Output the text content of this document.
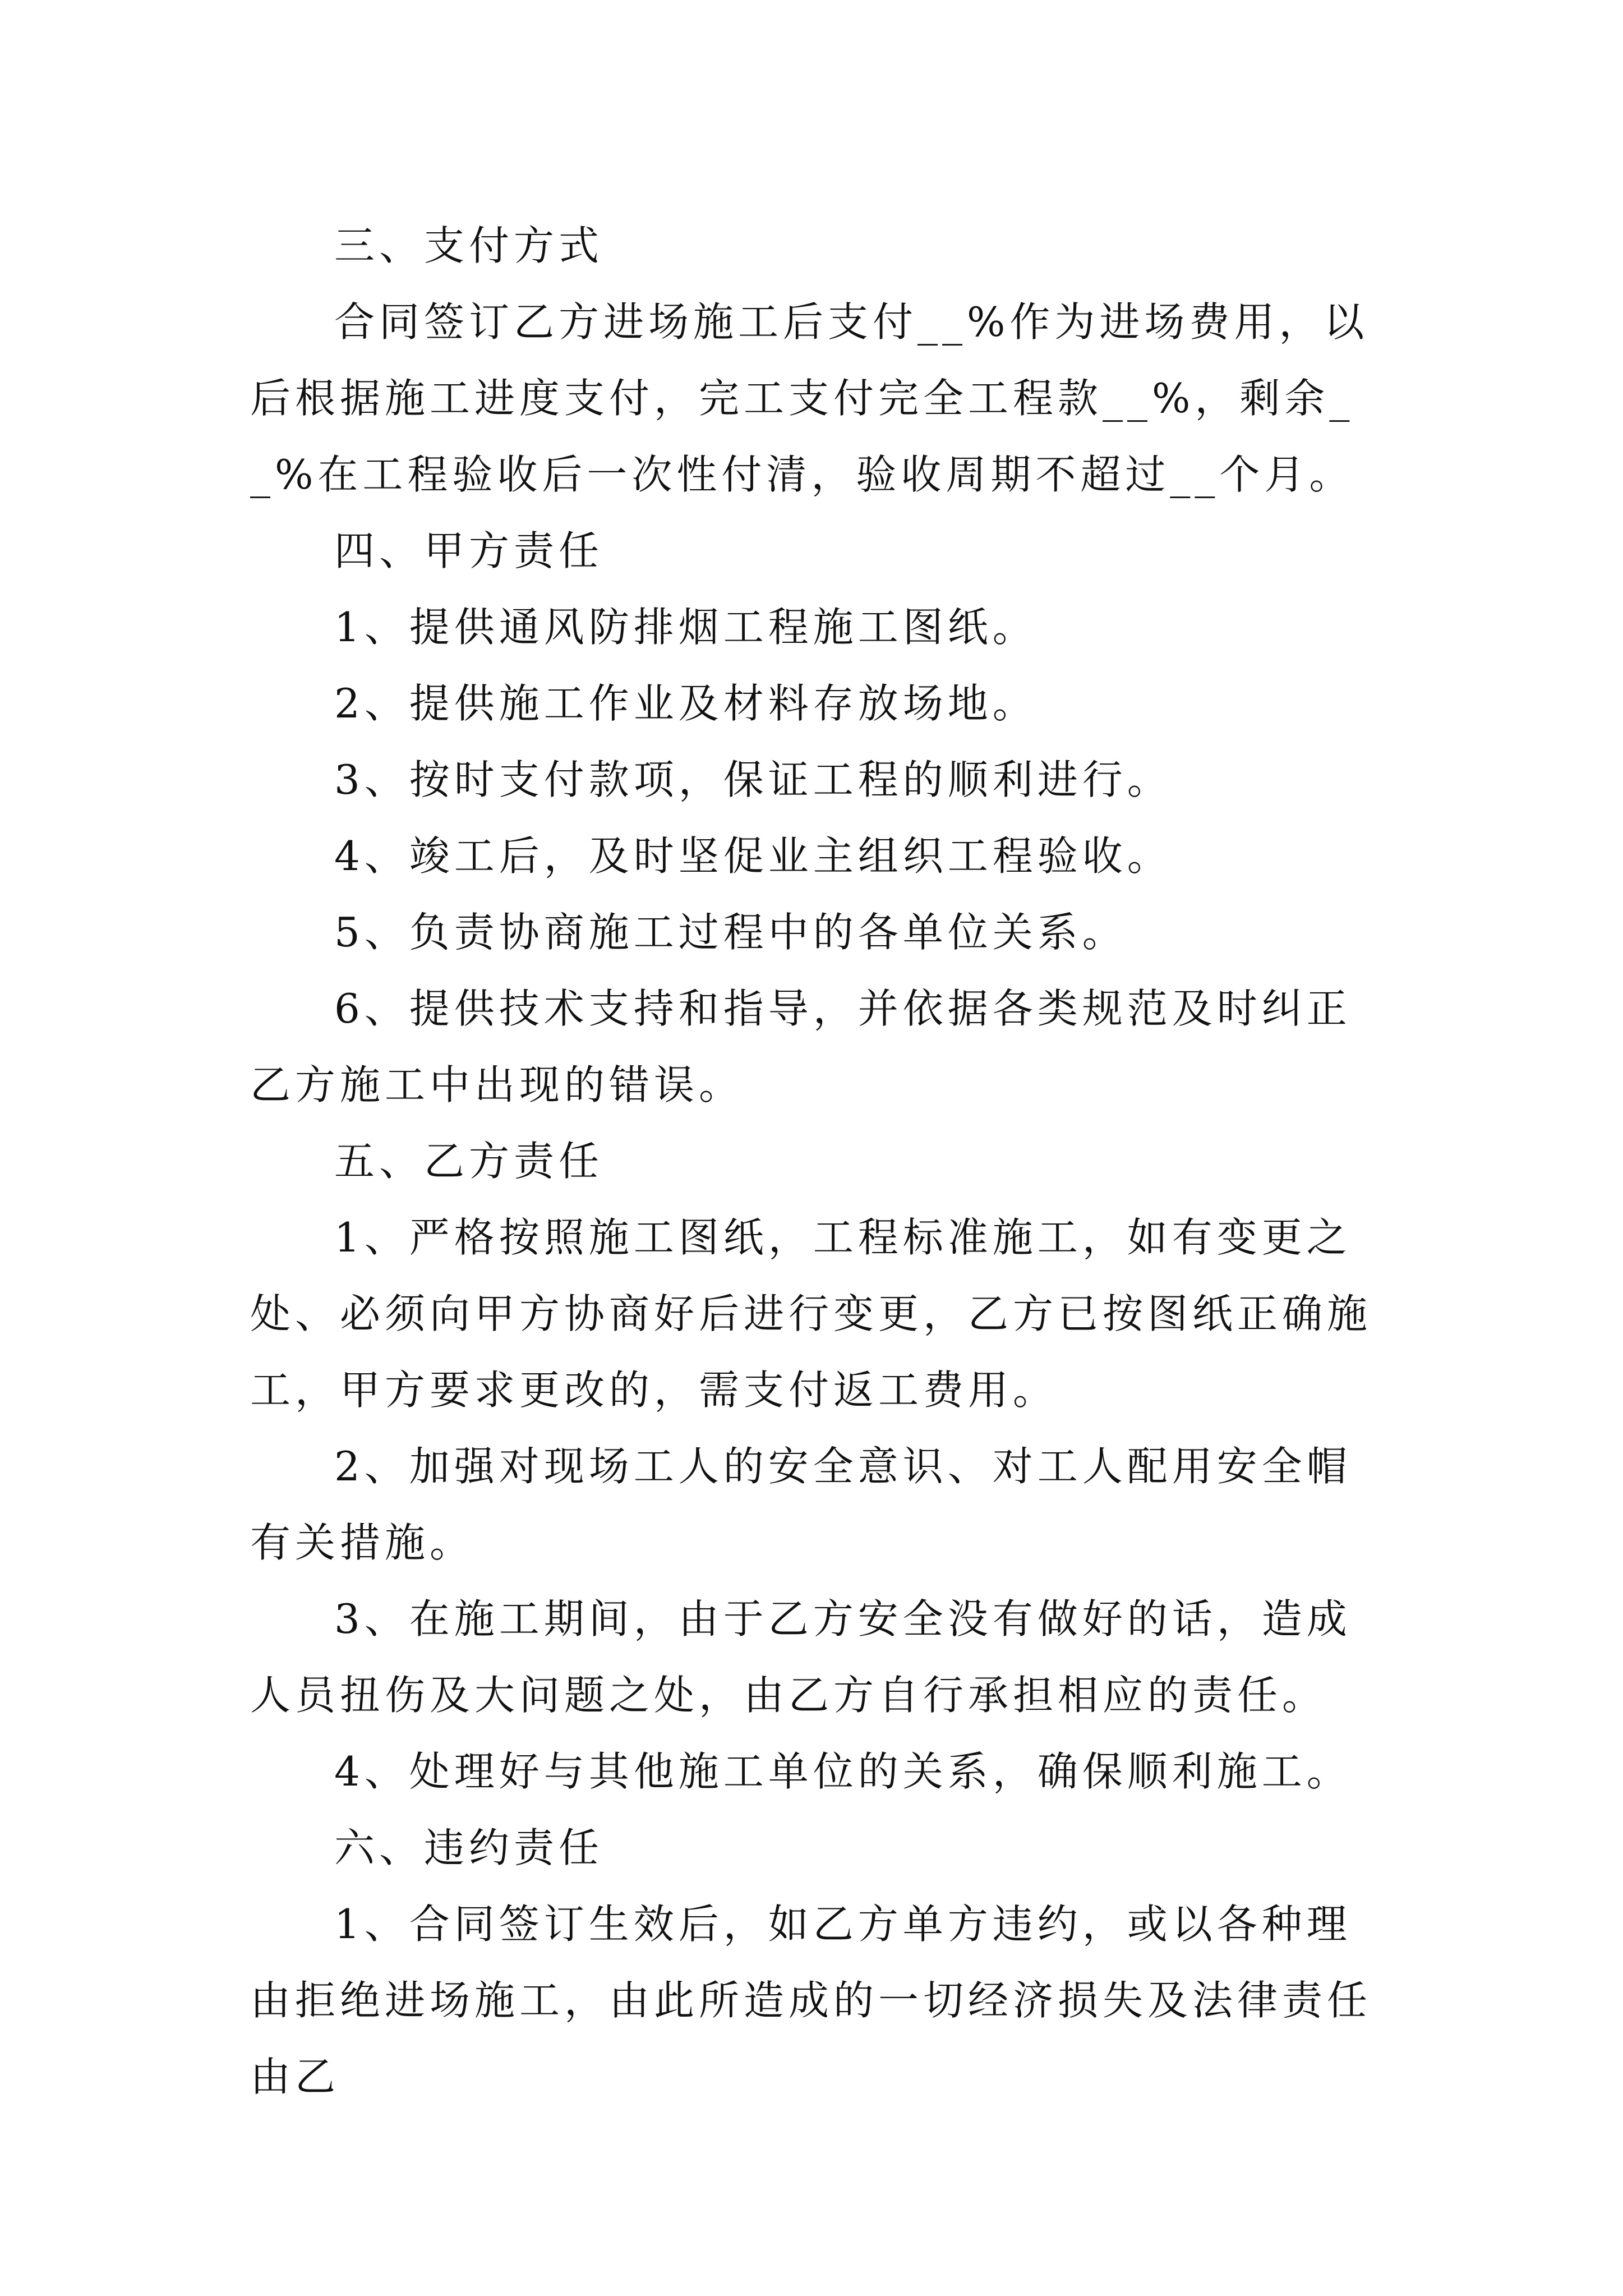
三、支付方式

合同签订乙方进场施工后支付__%作为进场费用，以后根据施工进度支付，完工支付完全工程款__%，剩余__%在工程验收后一次性付清，验收周期不超过__个月。

四、甲方责任

1、提供通风防排烟工程施工图纸。

2、提供施工作业及材料存放场地。

3、按时支付款项，保证工程的顺利进行。

4、竣工后，及时坚促业主组织工程验收。

5、负责协商施工过程中的各单位关系。

6、提供技术支持和指导，并依据各类规范及时纠正乙方施工中出现的错误。

五、乙方责任

1、严格按照施工图纸，工程标准施工，如有变更之处、必须向甲方协商好后进行变更，乙方已按图纸正确施工，甲方要求更改的，需支付返工费用。

2、加强对现场工人的安全意识、对工人配用安全帽有关措施。

3、在施工期间，由于乙方安全没有做好的话，造成人员扭伤及大问题之处，由乙方自行承担相应的责任。

4、处理好与其他施工单位的关系，确保顺利施工。

六、违约责任

1、合同签订生效后，如乙方单方违约，或以各种理由拒绝进场施工，由此所造成的一切经济损失及法律责任由乙
